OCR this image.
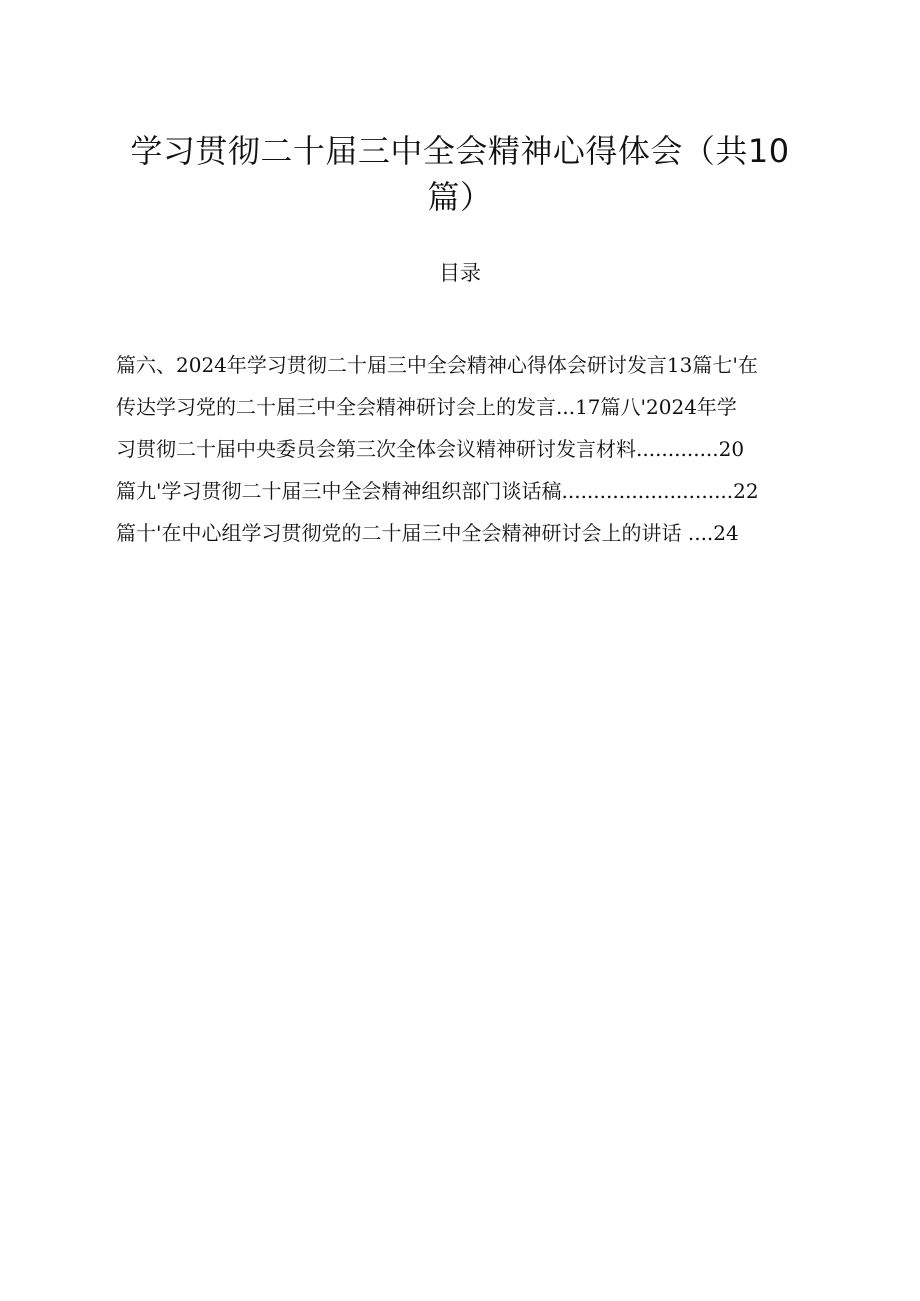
学习贯彻二十届三中全会精神心得体会（共10
篇）
目录
篇六、2024年学习贯彻二十届三中全会精神心得体会研讨发言13篇七'在
传达学习党的二十届三中全会精神研讨会上的发言...17篇八'2024年学
习贯彻二十届中央委员会第三次全体会议精神研讨发言材料.............20
篇九'学习贯彻二十届三中全会精神组织部门谈话稿...........................22
篇十'在中心组学习贯彻党的二十届三中全会精神研讨会上的讲话 ....24
